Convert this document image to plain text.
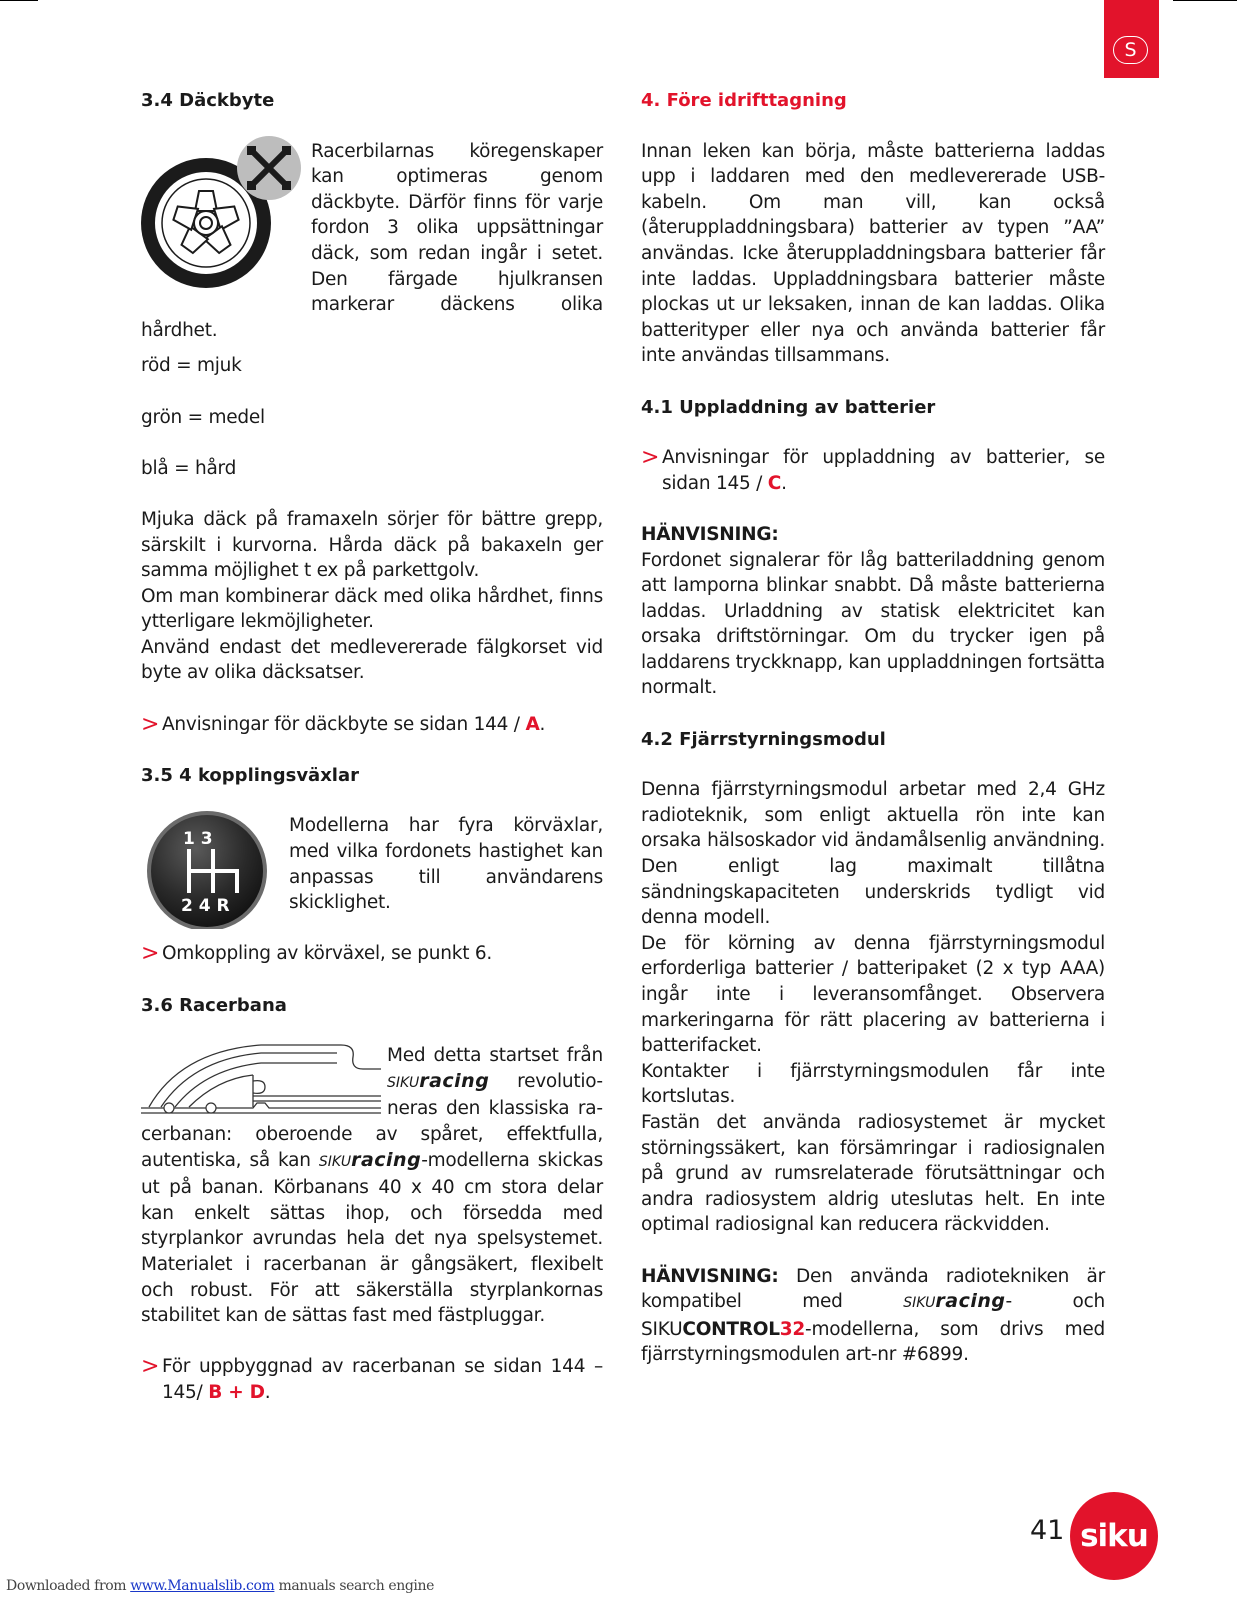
S
3.4 Däckbyte

Racerbilarnas köregenskaper kan optimeras genom däckbyte. Därför finns för varje fordon 3 olika uppsättningar däck, som redan ingår i setet. Den färgade hjulkransen markerar däckens olika hårdhet.

röd = mjuk

grön = medel

blå = hård

Mjuka däck på framaxeln sörjer för bättre grepp, särskilt i kurvorna. Hårda däck på bakaxeln ger samma möjlighet t ex på parkettgolv.

Om man kombinerar däck med olika hårdhet, finns ytterligare lekmöjligheter.

Använd endast det medlevererade fälgkorset vid byte av olika däcksatser.

> Anvisningar för däckbyte se sidan 144 / A.

3.5 4 kopplingsväxlar
1 3
2 4 R

Modellerna har fyra körväxlar, med vilka fordonets hastighet kan anpassas till användarens skicklighet.

> Omkoppling av körväxel, se punkt 6.

3.6 Racerbana

Med detta startset från SIKUracing revolutioneras den klassiska racerbanan: oberoende av spåret, effektfulla, autentiska, så kan SIKUracing-modellerna skickas ut på banan. Körbanans 40 x 40 cm stora delar kan enkelt sättas ihop, och försedda med styrplankor avrundas hela det nya spelsystemet. Materialet i racerbanan är gångsäkert, flexibelt och robust. För att säkerställa styrplankornas stabilitet kan de sättas fast med fästpluggar.

> För uppbyggnad av racerbanan se sidan 144 – 145/ B + D.

4. Före idrifttagning

Innan leken kan börja, måste batterierna laddas upp i laddaren med den medlevererade USB-kabeln. Om man vill, kan också (återuppladdningsbara) batterier av typen ”AA” användas. Icke återuppladdningsbara batterier får inte laddas. Uppladdningsbara batterier måste plockas ut ur leksaken, innan de kan laddas. Olika batterityper eller nya och använda batterier får inte användas tillsammans.

4.1 Uppladdning av batterier
> Anvisningar för uppladdning av batterier, se sidan 145 / C.

HÄNVISNING:

Fordonet signalerar för låg batteriladdning genom att lamporna blinkar snabbt. Då måste batterierna laddas. Urladdning av statisk elektricitet kan orsaka driftstörningar. Om du trycker igen på laddarens tryckknapp, kan uppladdningen fortsätta normalt.

4.2 Fjärrstyrningsmodul

Denna fjärrstyrningsmodul arbetar med 2,4 GHz radioteknik, som enligt aktuella rön inte kan orsaka hälsoskador vid ändamålsenlig användning. Den enligt lag maximalt tillåtna sändningskapaciteten underskrids tydligt vid denna modell.

De för körning av denna fjärrstyrningsmodul erforderliga batterier / batteripaket (2 x typ AAA) ingår inte i leveransomfånget. Observera markeringarna för rätt placering av batterierna i batterifacket.

Kontakter i fjärrstyrningsmodulen får inte kortslutas.

Fastän det använda radiosystemet är mycket störningssäkert, kan försämringar i radiosignalen på grund av rumsrelaterade förutsättningar och andra radiosystem aldrig uteslutas helt. En inte optimal radiosignal kan reducera räckvidden.

HÄNVISNING: Den använda radiotekniken är kompatibel med	SIKUracing- och SIKUCONTROL32-modellerna, som drivs med fjärrstyrningsmodulen art-nr #6899.

41 siku
Downloaded from www.Manualslib.com manuals search engine
